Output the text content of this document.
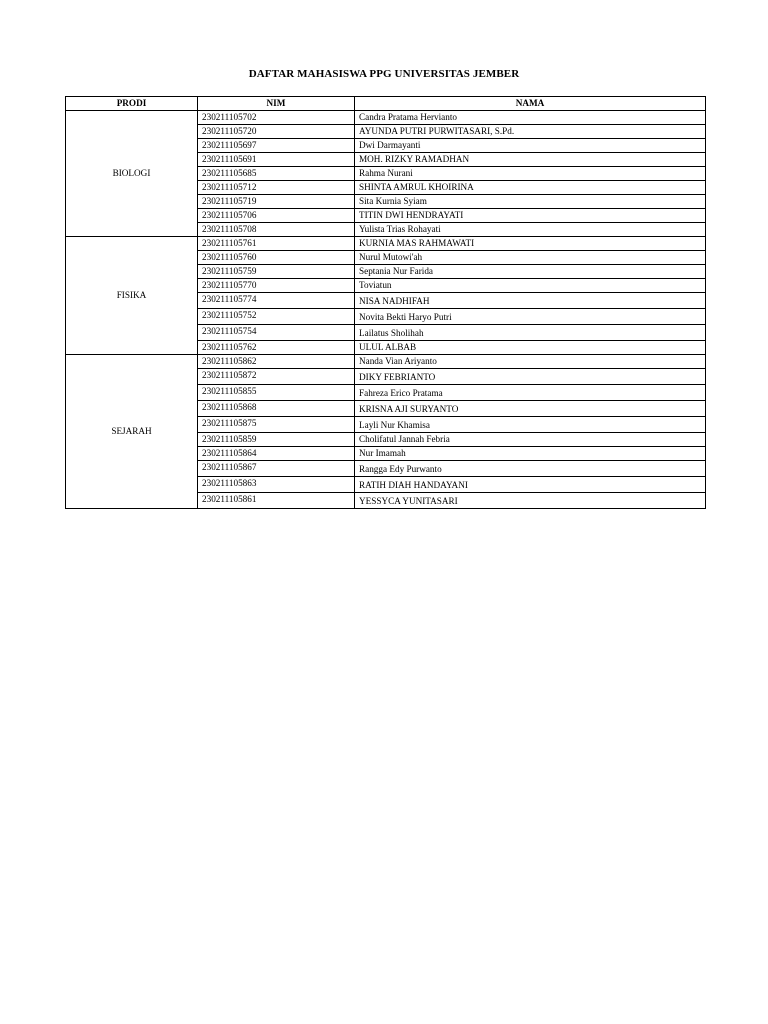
DAFTAR MAHASISWA PPG UNIVERSITAS JEMBER
PRODI	NIM	NAMA
BIOLOGI	230211105702	Candra Pratama Hervianto
	230211105720	AYUNDA PUTRI PURWITASARI, S.Pd.
	230211105697	Dwi Darmayanti
	230211105691	MOH. RIZKY RAMADHAN
	230211105685	Rahma Nurani
	230211105712	SHINTA AMRUL KHOIRINA
	230211105719	Sita Kurnia Syiam
	230211105706	TITIN DWI HENDRAYATI
	230211105708	Yulista Trias Rohayati
FISIKA	230211105761	KURNIA MAS RAHMAWATI
	230211105760	Nurul Mutowi'ah
	230211105759	Septania Nur Farida
	230211105770	Toviatun
	230211105774	NISA NADHIFAH
	230211105752	Novita Bekti Haryo Putri
	230211105754	Lailatus Sholihah
	230211105762	ULUL ALBAB
SEJARAH	230211105862	Nanda Vian Ariyanto
	230211105872	DIKY FEBRIANTO
	230211105855	Fahreza Erico Pratama
	230211105868	KRISNA AJI SURYANTO
	230211105875	Layli Nur Khamisa
	230211105859	Cholifatul Jannah Febria
	230211105864	Nur Imamah
	230211105867	Rangga Edy Purwanto
	230211105863	RATIH DIAH HANDAYANI
	230211105861	YESSYCA YUNITASARI
